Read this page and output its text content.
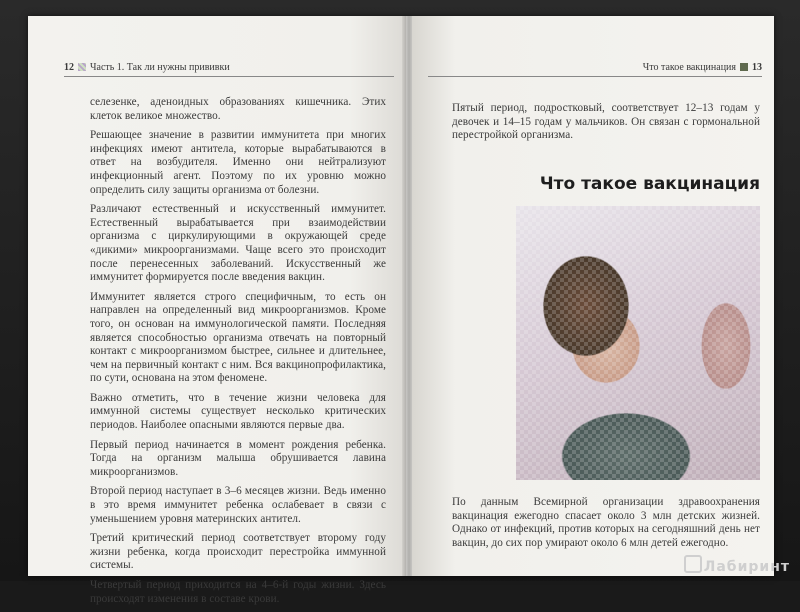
12 Часть 1. Так ли нужны прививки

селезенке, аденоидных образованиях кишечника. Этих клеток великое множество.

Решающее значение в развитии иммунитета при многих инфекциях имеют антитела, которые вырабатываются в ответ на возбудителя. Именно они нейтрализуют инфекционный агент. Поэтому по их уровню можно определить силу защиты организма от болезни.

Различают естественный и искусственный иммунитет. Естественный вырабатывается при взаимодействии организма с циркулирующими в окружающей среде «дикими» микроорганизмами. Чаще всего это происходит после перенесенных заболеваний. Искусственный же иммунитет формируется после введения вакцин.

Иммунитет является строго специфичным, то есть он направлен на определенный вид микроорганизмов. Кроме того, он основан на иммунологической памяти. Последняя является способностью организма отвечать на повторный контакт с микроорганизмом быстрее, сильнее и длительнее, чем на первичный контакт с ним. Вся вакцинопрофилактика, по сути, основана на этом феномене.

Важно отметить, что в течение жизни человека для иммунной системы существует несколько критических периодов. Наиболее опасными являются первые два.

Первый период начинается в момент рождения ребенка. Тогда на организм малыша обрушивается лавина микроорганизмов.

Второй период наступает в 3–6 месяцев жизни. Ведь именно в это время иммунитет ребенка ослабевает в связи с уменьшением уровня материнских антител.

Третий критический период соответствует второму году жизни ребенка, когда происходит перестройка иммунной системы.

Четвертый период приходится на 4–6-й годы жизни. Здесь происходят изменения в составе крови.

Что такое вакцинация 13

Пятый период, подростковый, соответствует 12–13 годам у девочек и 14–15 годам у мальчиков. Он связан с гормональной перестройкой организма.

Что такое вакцинация

По данным Всемирной организации здравоохранения вакцинация ежегодно спасает около 3 млн детских жизней. Однако от инфекций, против которых на сегодняшний день нет вакцин, до сих пор умирают около 6 млн детей ежегодно.

Лабиринт
